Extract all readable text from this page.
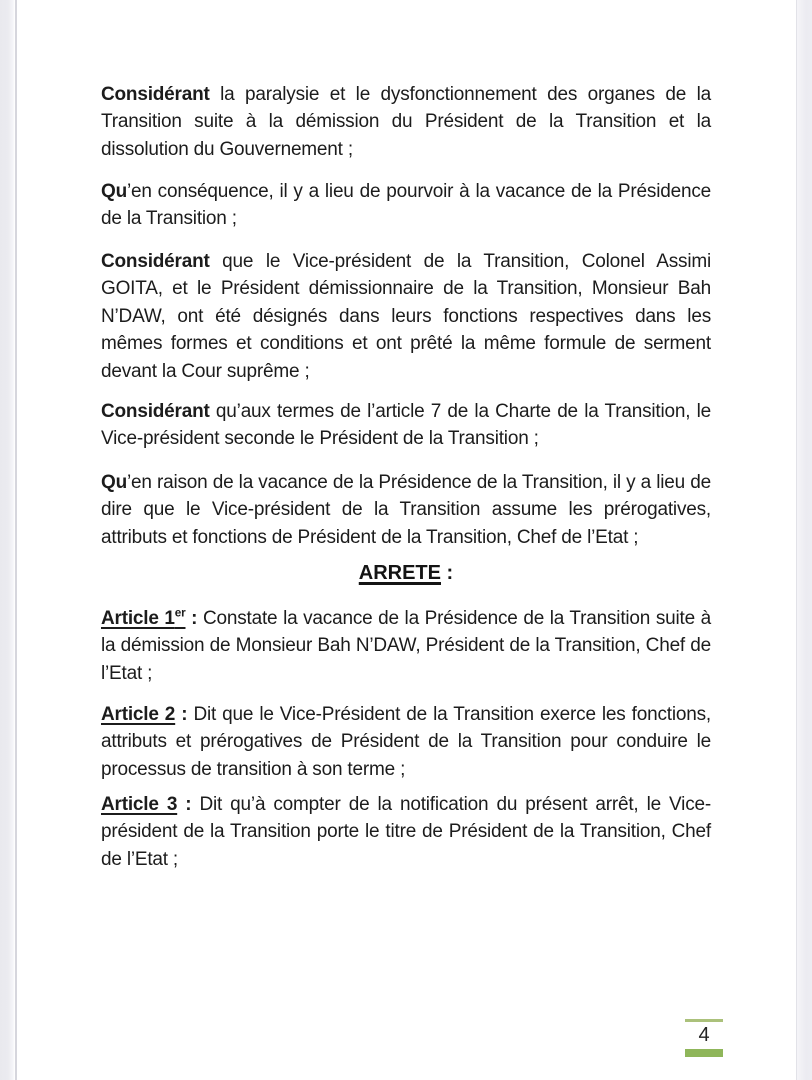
Considérant la paralysie et le dysfonctionnement des organes de la Transition suite à la démission du Président de la Transition et la dissolution du Gouvernement ;

Qu’en conséquence, il y a lieu de pourvoir à la vacance de la Présidence de la Transition ;

Considérant que le Vice-président de la Transition, Colonel Assimi GOITA, et le Président démissionnaire de la Transition, Monsieur Bah N’DAW, ont été désignés dans leurs fonctions respectives dans les mêmes formes et conditions et ont prêté la même formule de serment devant la Cour suprême ;

Considérant qu’aux termes de l’article 7 de la Charte de la Transition, le Vice-président seconde le Président de la Transition ;

Qu’en raison de la vacance de la Présidence de la Transition, il y a lieu de dire que le Vice-président de la Transition assume les prérogatives, attributs et fonctions de Président de la Transition, Chef de l’Etat ;

ARRETE :

Article 1er : Constate la vacance de la Présidence de la Transition suite à la démission de Monsieur Bah N’DAW, Président de la Transition, Chef de l’Etat ;

Article 2 : Dit que le Vice-Président de la Transition exerce les fonctions, attributs et prérogatives de Président de la Transition pour conduire le processus de transition à son terme ;

Article 3 : Dit qu’à compter de la notification du présent arrêt, le Vice-président de la Transition porte le titre de Président de la Transition, Chef de l’Etat ;

4
